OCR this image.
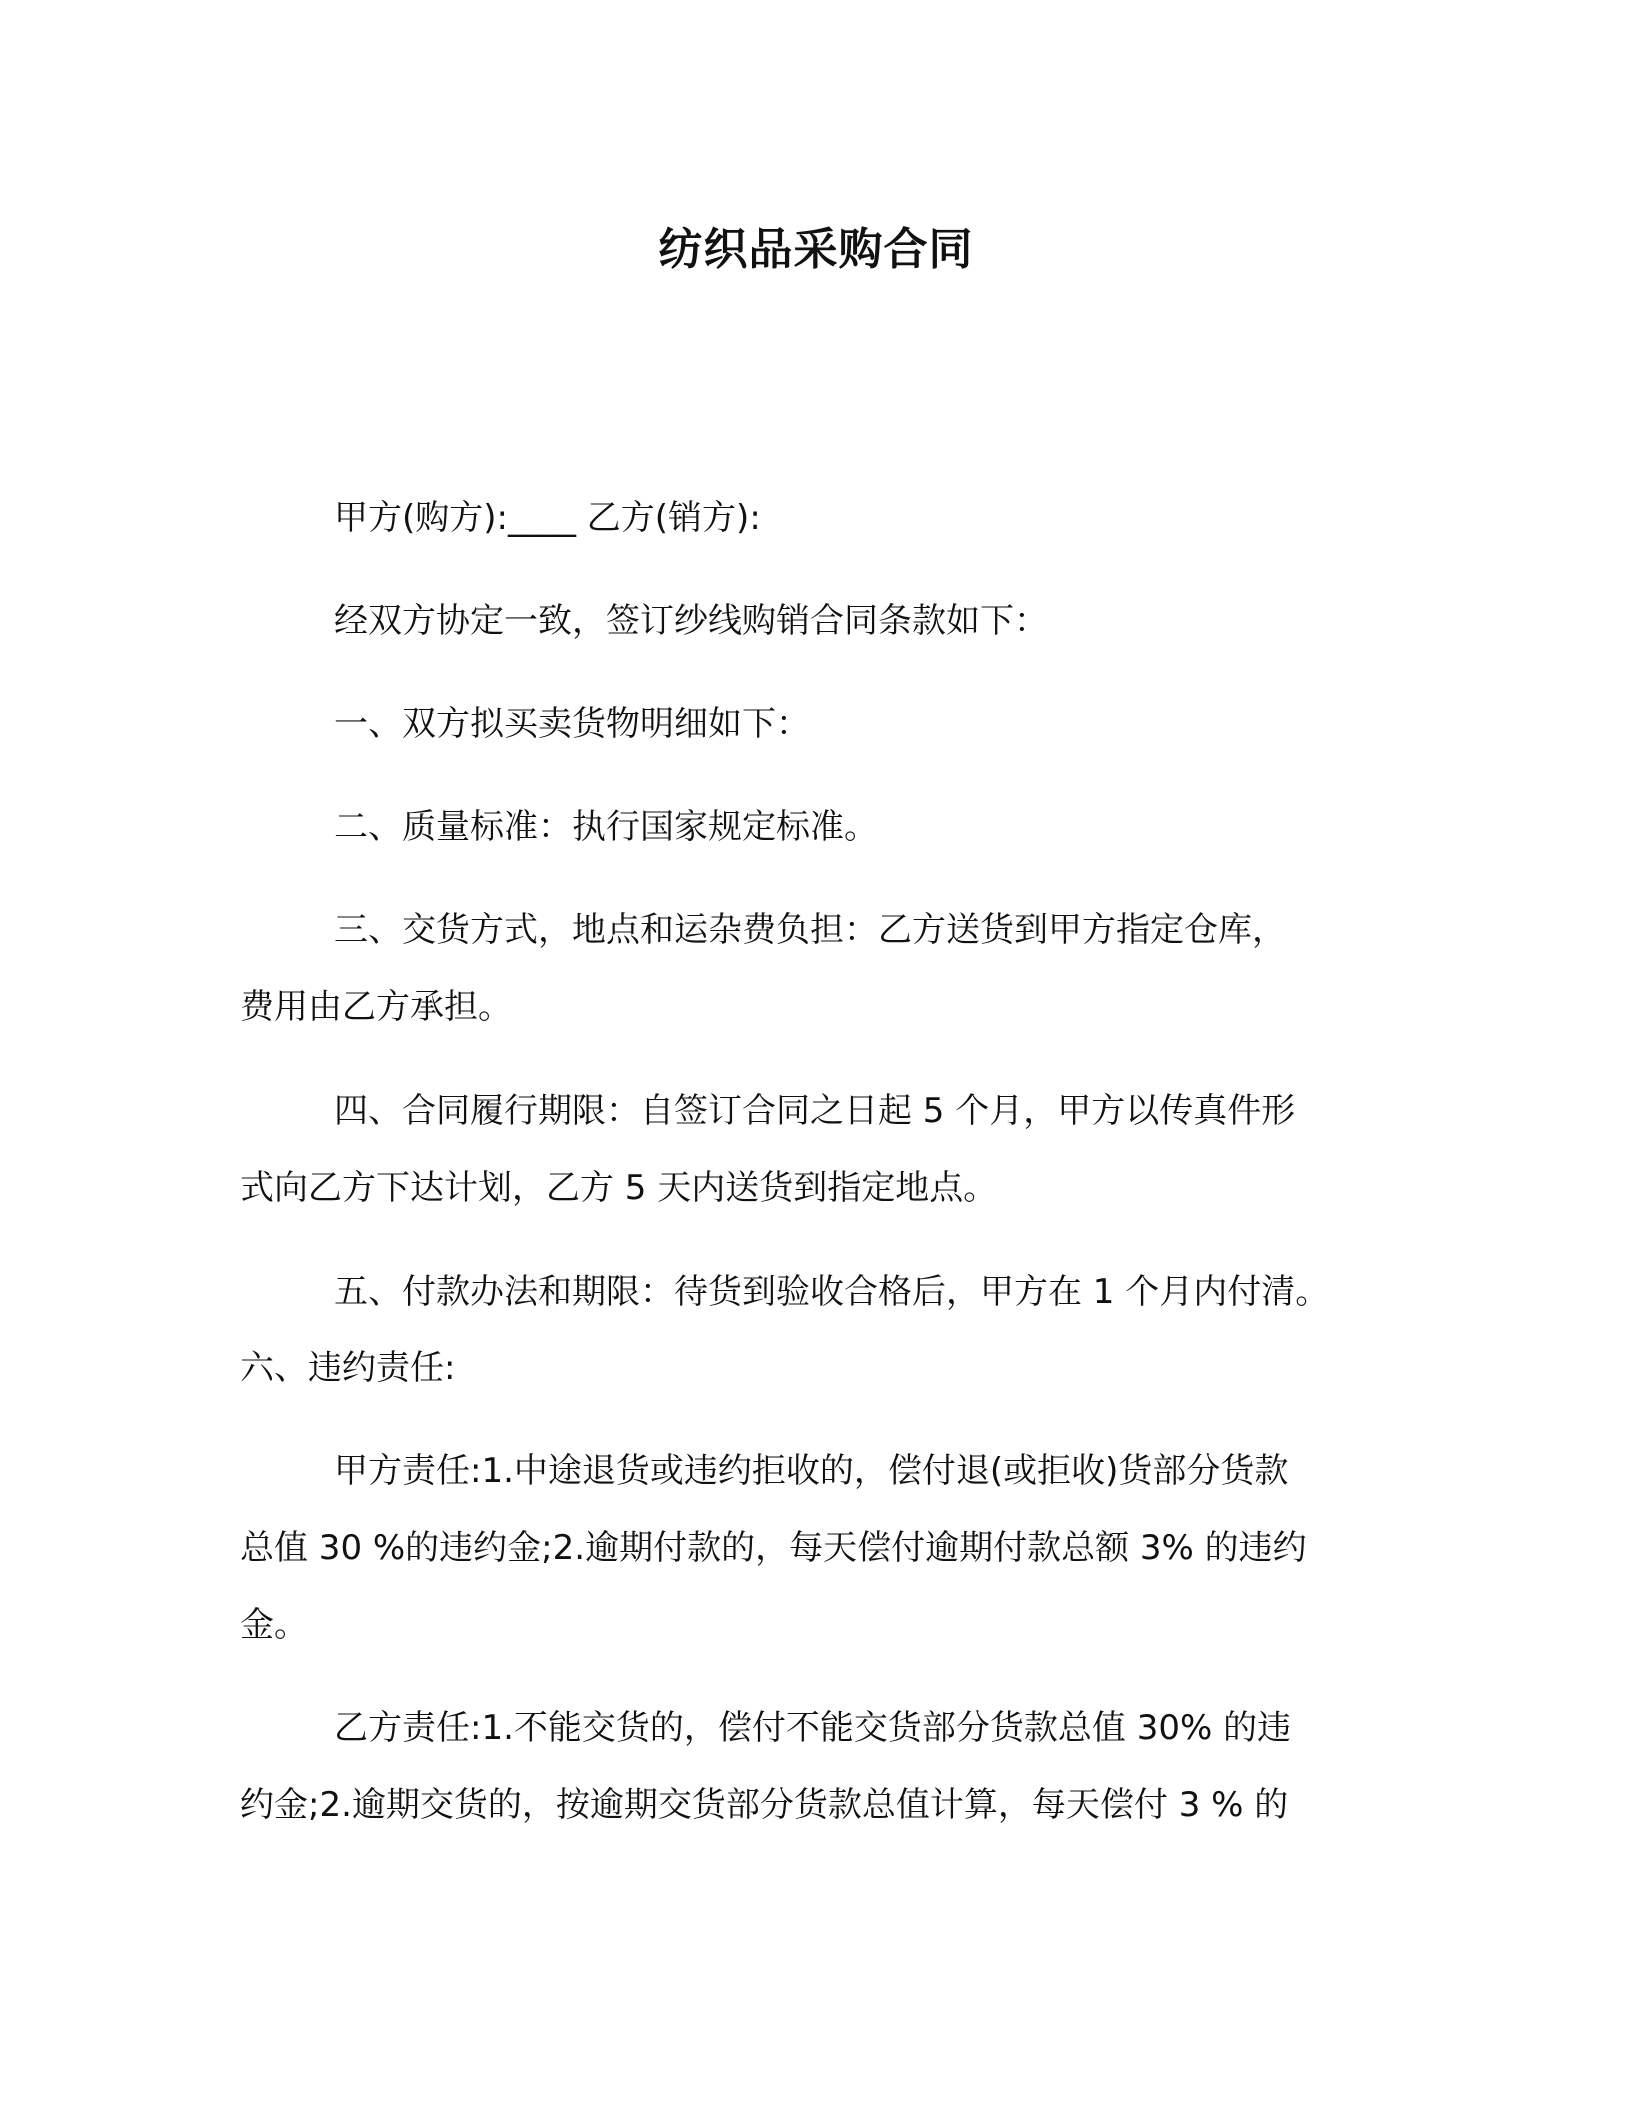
纺织品采购合同
甲方(购方):____ 乙方(销方):
经双方协定一致，签订纱线购销合同条款如下：
一、双方拟买卖货物明细如下：
二、质量标准：执行国家规定标准。
三、交货方式，地点和运杂费负担：乙方送货到甲方指定仓库，
费用由乙方承担。
四、合同履行期限：自签订合同之日起 5 个月，甲方以传真件形
式向乙方下达计划，乙方 5 天内送货到指定地点。
五、付款办法和期限：待货到验收合格后，甲方在 1 个月内付清。
六、违约责任:
甲方责任:1.中途退货或违约拒收的，偿付退(或拒收)货部分货款
总值 30 %的违约金;2.逾期付款的，每天偿付逾期付款总额 3% 的违约
金。
乙方责任:1.不能交货的，偿付不能交货部分货款总值 30% 的违
约金;2.逾期交货的，按逾期交货部分货款总值计算，每天偿付 3 % 的
